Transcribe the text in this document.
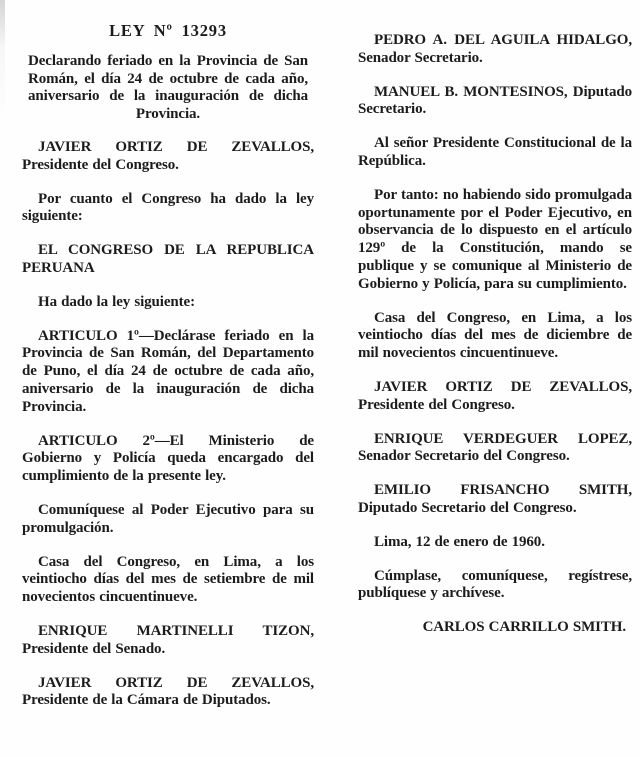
LEY Nº 13293

Declarando feriado en la Provincia de San Román, el día 24 de octubre de cada año, aniversario de la inauguración de dicha Provincia.

JAVIER ORTIZ DE ZEVALLOS, Presidente del Congreso.

Por cuanto el Congreso ha dado la ley siguiente:

EL CONGRESO DE LA REPUBLICA PERUANA

Ha dado la ley siguiente:

ARTICULO 1º—Declárase feriado en la Provincia de San Román, del Departamento de Puno, el día 24 de octubre de cada año, aniversario de la inauguración de dicha Provincia.

ARTICULO 2º—El Ministerio de Gobierno y Policía queda encargado del cumplimiento de la presente ley.

Comuníquese al Poder Ejecutivo para su promulgación.

Casa del Congreso, en Lima, a los veintiocho días del mes de setiembre de mil novecientos cincuentinueve.

ENRIQUE MARTINELLI TIZON, Presidente del Senado.

JAVIER ORTIZ DE ZEVALLOS, Presidente de la Cámara de Diputados.

PEDRO A. DEL AGUILA HIDALGO, Senador Secretario.

MANUEL B. MONTESINOS, Diputado Secretario.

Al señor Presidente Constitucional de la República.

Por tanto: no habiendo sido promulgada oportunamente por el Poder Ejecutivo, en observancia de lo dispuesto en el artículo 129º de la Constitución, mando se publique y se comunique al Ministerio de Gobierno y Policía, para su cumplimiento.

Casa del Congreso, en Lima, a los veintiocho días del mes de diciembre de mil novecientos cincuentinueve.

JAVIER ORTIZ DE ZEVALLOS, Presidente del Congreso.

ENRIQUE VERDEGUER LOPEZ, Senador Secretario del Congreso.

EMILIO FRISANCHO SMITH, Diputado Secretario del Congreso.

Lima, 12 de enero de 1960.

Cúmplase, comuníquese, regístrese, publíquese y archívese.

CARLOS CARRILLO SMITH.
